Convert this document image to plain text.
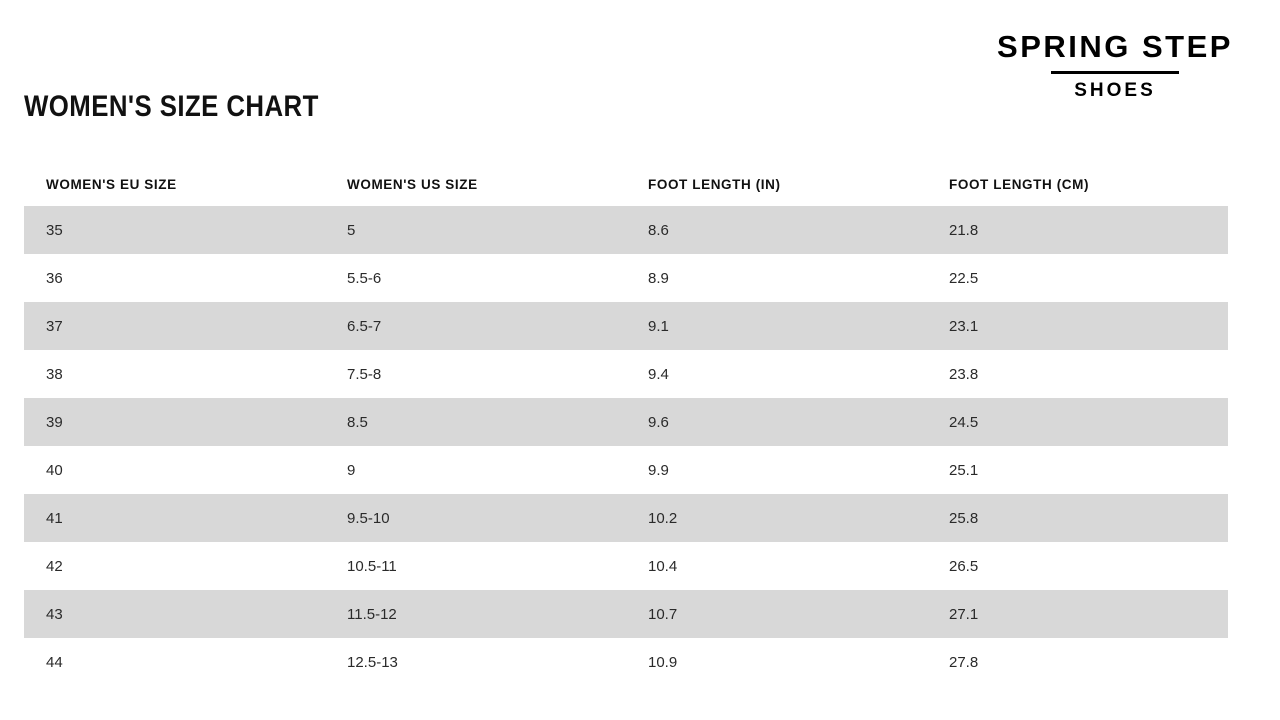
SPRING STEP
SHOES
WOMEN'S SIZE CHART
WOMEN'S EU SIZE	WOMEN'S US SIZE	FOOT LENGTH (IN)	FOOT LENGTH (CM)
35	5	8.6	21.8
36	5.5-6	8.9	22.5
37	6.5-7	9.1	23.1
38	7.5-8	9.4	23.8
39	8.5	9.6	24.5
40	9	9.9	25.1
41	9.5-10	10.2	25.8
42	10.5-11	10.4	26.5
43	11.5-12	10.7	27.1
44	12.5-13	10.9	27.8
